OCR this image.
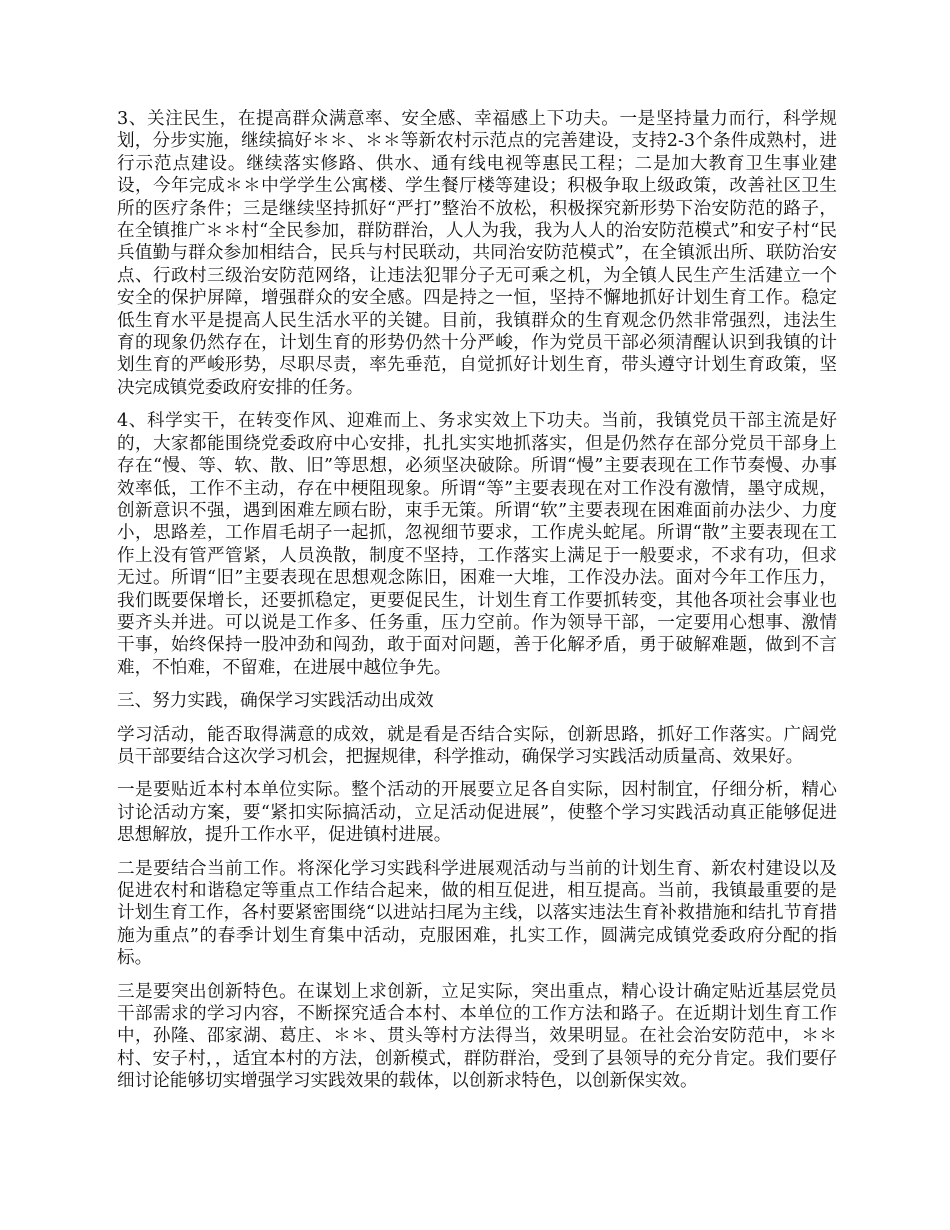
3、关注民生，在提高群众满意率、安全感、幸福感上下功夫。一是坚持量力而行，科学规划，分步实施，继续搞好＊＊、＊＊等新农村示范点的完善建设，支持2-3个条件成熟村，进行示范点建设。继续落实修路、供水、通有线电视等惠民工程；二是加大教育卫生事业建设，今年完成＊＊中学学生公寓楼、学生餐厅楼等建设；积极争取上级政策，改善社区卫生所的医疗条件；三是继续坚持抓好“严打”整治不放松，积极探究新形势下治安防范的路子，在全镇推广＊＊村“全民参加，群防群治，人人为我，我为人人的治安防范模式”和安子村“民兵值勤与群众参加相结合，民兵与村民联动，共同治安防范模式”，在全镇派出所、联防治安点、行政村三级治安防范网络，让违法犯罪分子无可乘之机，为全镇人民生产生活建立一个安全的保护屏障，增强群众的安全感。四是持之一恒，坚持不懈地抓好计划生育工作。稳定低生育水平是提高人民生活水平的关键。目前，我镇群众的生育观念仍然非常强烈，违法生育的现象仍然存在，计划生育的形势仍然十分严峻，作为党员干部必须清醒认识到我镇的计划生育的严峻形势，尽职尽责，率先垂范，自觉抓好计划生育，带头遵守计划生育政策，坚决完成镇党委政府安排的任务。

4、科学实干，在转变作风、迎难而上、务求实效上下功夫。当前，我镇党员干部主流是好的，大家都能围绕党委政府中心安排，扎扎实实地抓落实，但是仍然存在部分党员干部身上存在“慢、等、软、散、旧”等思想，必须坚决破除。所谓“慢”主要表现在工作节奏慢、办事效率低，工作不主动，存在中梗阻现象。所谓“等”主要表现在对工作没有激情，墨守成规，创新意识不强，遇到困难左顾右盼，束手无策。所谓“软”主要表现在困难面前办法少、力度小，思路差，工作眉毛胡子一起抓，忽视细节要求，工作虎头蛇尾。所谓“散”主要表现在工作上没有管严管紧，人员涣散，制度不坚持，工作落实上满足于一般要求，不求有功，但求无过。所谓“旧”主要表现在思想观念陈旧，困难一大堆，工作没办法。面对今年工作压力，我们既要保增长，还要抓稳定，更要促民生，计划生育工作要抓转变，其他各项社会事业也要齐头并进。可以说是工作多、任务重，压力空前。作为领导干部，一定要用心想事、激情干事，始终保持一股冲劲和闯劲，敢于面对问题，善于化解矛盾，勇于破解难题，做到不言难，不怕难，不留难，在进展中越位争先。

三、努力实践，确保学习实践活动出成效

学习活动，能否取得满意的成效，就是看是否结合实际，创新思路，抓好工作落实。广阔党员干部要结合这次学习机会，把握规律，科学推动，确保学习实践活动质量高、效果好。

一是要贴近本村本单位实际。整个活动的开展要立足各自实际，因村制宜，仔细分析，精心讨论活动方案，要“紧扣实际搞活动，立足活动促进展”，使整个学习实践活动真正能够促进思想解放，提升工作水平，促进镇村进展。

二是要结合当前工作。将深化学习实践科学进展观活动与当前的计划生育、新农村建设以及促进农村和谐稳定等重点工作结合起来，做的相互促进，相互提高。当前，我镇最重要的是计划生育工作，各村要紧密围绕“以进站扫尾为主线，以落实违法生育补救措施和结扎节育措施为重点”的春季计划生育集中活动，克服困难，扎实工作，圆满完成镇党委政府分配的指标。

三是要突出创新特色。在谋划上求创新，立足实际，突出重点，精心设计确定贴近基层党员干部需求的学习内容，不断探究适合本村、本单位的工作方法和路子。在近期计划生育工作中，孙隆、邵家湖、葛庄、＊＊、贯头等村方法得当，效果明显。在社会治安防范中，＊＊村、安子村，，适宜本村的方法，创新模式，群防群治，受到了县领导的充分肯定。我们要仔细讨论能够切实增强学习实践效果的载体，以创新求特色，以创新保实效。
